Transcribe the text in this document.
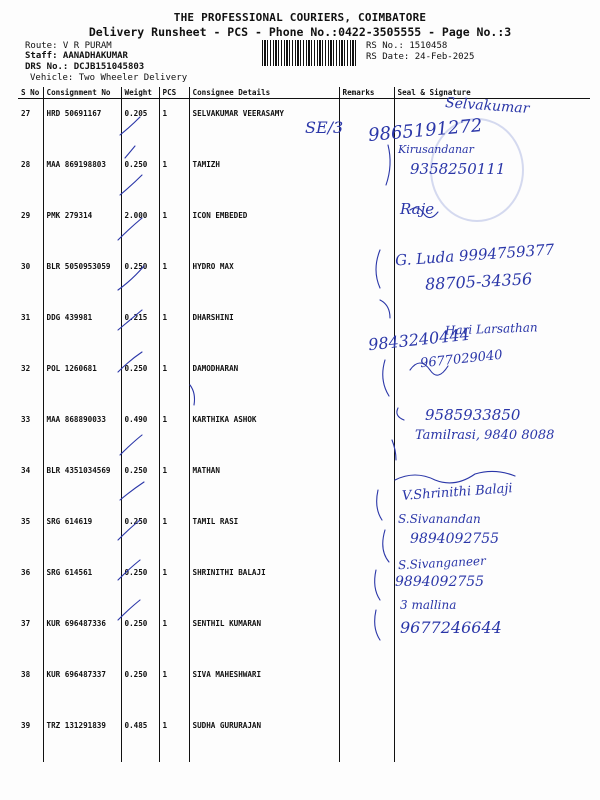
THE PROFESSIONAL COURIERS, COIMBATORE
Delivery Runsheet - PCS - Phone No.:0422-3505555 - Page No.:3
Route: V R PURAM
Staff: AANADHAKUMAR
DRS No.: DCJB151045803
Vehicle: Two Wheeler Delivery
RS No.: 1510458
RS Date: 24-Feb-2025
S No	Consignment No	Weight	PCS	Consignee Details	Remarks	Seal & Signature
27	HRD 50691167	0.205	1	SELVAKUMAR VEERASAMY		
28	MAA 869198803	0.250	1	TAMIZH		
29	PMK 279314	2.000	1	ICON EMBEDED		
30	BLR 5050953059	0.250	1	HYDRO MAX		
31	DDG 439981	0.215	1	DHARSHINI		
32	POL 1260681	0.250	1	DAMODHARAN		
33	MAA 868890033	0.490	1	KARTHIKA ASHOK		
34	BLR 4351034569	0.250	1	MATHAN		
35	SRG 614619	0.250	1	TAMIL RASI		
36	SRG 614561	0.250	1	SHRINITHI BALAJI		
37	KUR 696487336	0.250	1	SENTHIL KUMARAN		
38	KUR 696487337	0.250	1	SIVA MAHESHWARI		
39	TRZ 131291839	0.485	1	SUDHA GURURAJAN		
SE/3
Selvakumar
9865191272
Kirusandanar
9358250111
Raje
G. Luda 9994759377
88705-34356
Hari Larsathan
9843240444
9677029040
9585933850
Tamilrasi, 9840 8088
V.Shrinithi Balaji
S.Sivanandan
9894092755
S.Sivanganeer
9894092755
3 mallina
9677246644
